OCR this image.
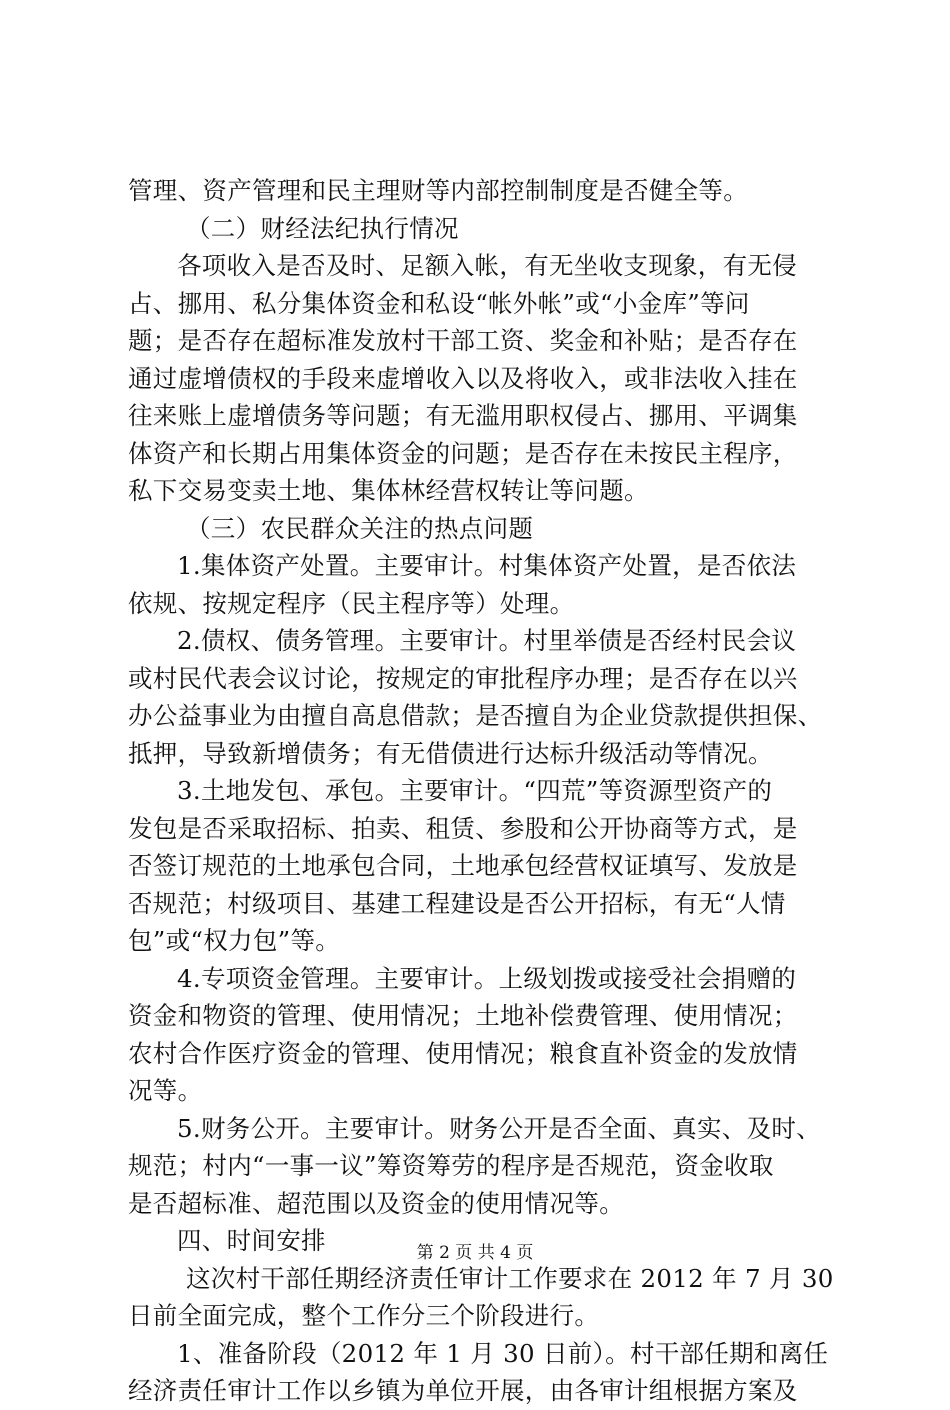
管理、资产管理和民主理财等内部控制制度是否健全等。
（二）财经法纪执行情况
各项收入是否及时、足额入帐，有无坐收支现象，有无侵
占、挪用、私分集体资金和私设“帐外帐”或“小金库”等问
题；是否存在超标准发放村干部工资、奖金和补贴；是否存在
通过虚增债权的手段来虚增收入以及将收入，或非法收入挂在
往来账上虚增债务等问题；有无滥用职权侵占、挪用、平调集
体资产和长期占用集体资金的问题；是否存在未按民主程序，
私下交易变卖土地、集体林经营权转让等问题。
（三）农民群众关注的热点问题
1.集体资产处置。主要审计。村集体资产处置，是否依法
依规、按规定程序（民主程序等）处理。
2.债权、债务管理。主要审计。村里举债是否经村民会议
或村民代表会议讨论，按规定的审批程序办理；是否存在以兴
办公益事业为由擅自高息借款；是否擅自为企业贷款提供担保、
抵押，导致新增债务；有无借债进行达标升级活动等情况。
3.土地发包、承包。主要审计。“四荒”等资源型资产的
发包是否采取招标、拍卖、租赁、参股和公开协商等方式，是
否签订规范的土地承包合同，土地承包经营权证填写、发放是
否规范；村级项目、基建工程建设是否公开招标，有无“人情
包”或“权力包”等。
4.专项资金管理。主要审计。上级划拨或接受社会捐赠的
资金和物资的管理、使用情况；土地补偿费管理、使用情况；
农村合作医疗资金的管理、使用情况；粮食直补资金的发放情
况等。
5.财务公开。主要审计。财务公开是否全面、真实、及时、
规范；村内“一事一议”筹资筹劳的程序是否规范，资金收取
是否超标准、超范围以及资金的使用情况等。
四、时间安排
这次村干部任期经济责任审计工作要求在 2012 年 7 月 30
日前全面完成，整个工作分三个阶段进行。
1、准备阶段（2012 年 1 月 30 日前）。村干部任期和离任
经济责任审计工作以乡镇为单位开展，由各审计组根据方案及
第 2 页 共 4 页
